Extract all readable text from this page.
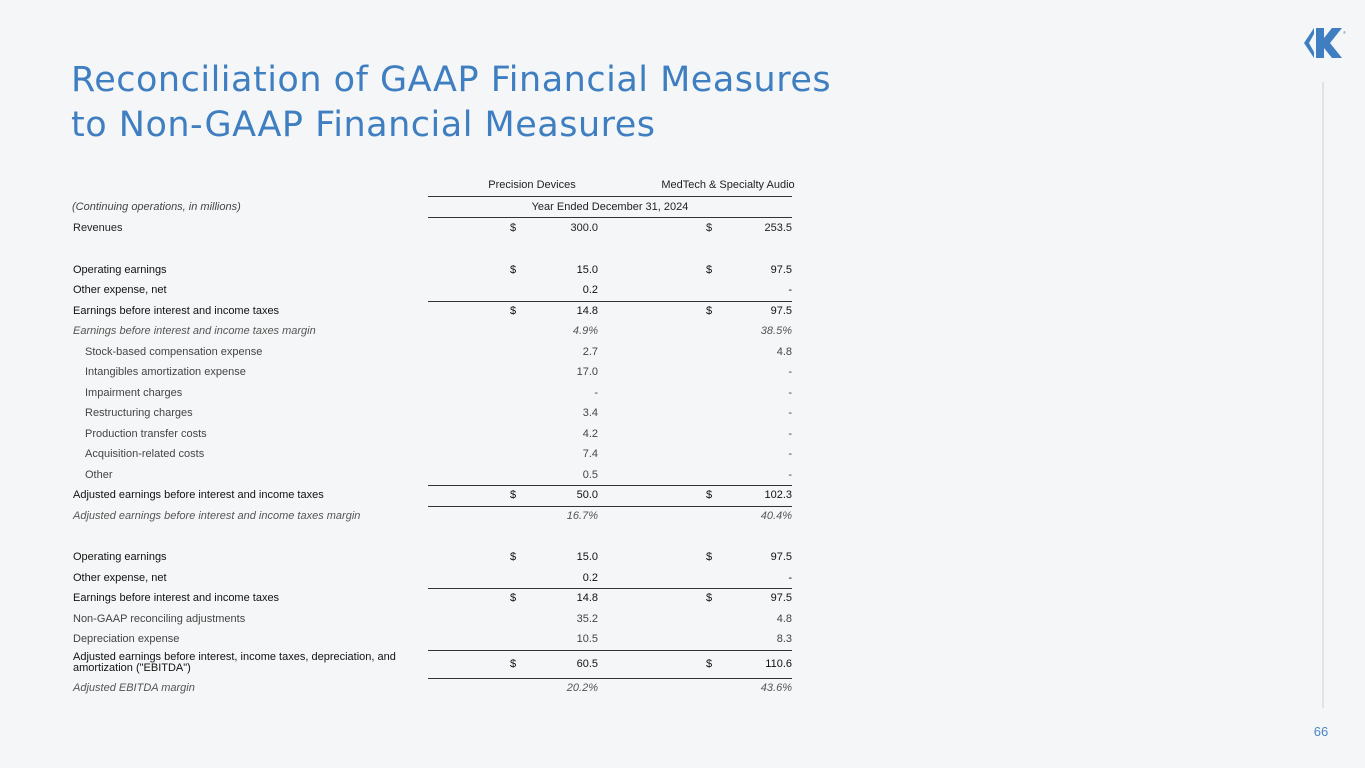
Reconciliation of GAAP Financial Measures
to Non-GAAP Financial Measures
®
Precision Devices	MedTech & Specialty Audio
(Continuing operations, in millions)	Year Ended December 31, 2024
Revenues	$	300.0	$	253.5
Operating earnings	$	15.0	$	97.5
Other expense, net	0.2	-
Earnings before interest and income taxes	$	14.8	$	97.5
Earnings before interest and income taxes margin	4.9%	38.5%
Stock-based compensation expense	2.7	4.8
Intangibles amortization expense	17.0	-
Impairment charges	-	-
Restructuring charges	3.4	-
Production transfer costs	4.2	-
Acquisition-related costs	7.4	-
Other	0.5	-
Adjusted earnings before interest and income taxes	$	50.0	$	102.3
Adjusted earnings before interest and income taxes margin	16.7%	40.4%
Operating earnings	$	15.0	$	97.5
Other expense, net	0.2	-
Earnings before interest and income taxes	$	14.8	$	97.5
Non-GAAP reconciling adjustments	35.2	4.8
Depreciation expense	10.5	8.3
Adjusted earnings before interest, income taxes, depreciation, and amortization ("EBITDA")	$	60.5	$	110.6
Adjusted EBITDA margin	20.2%	43.6%
66
